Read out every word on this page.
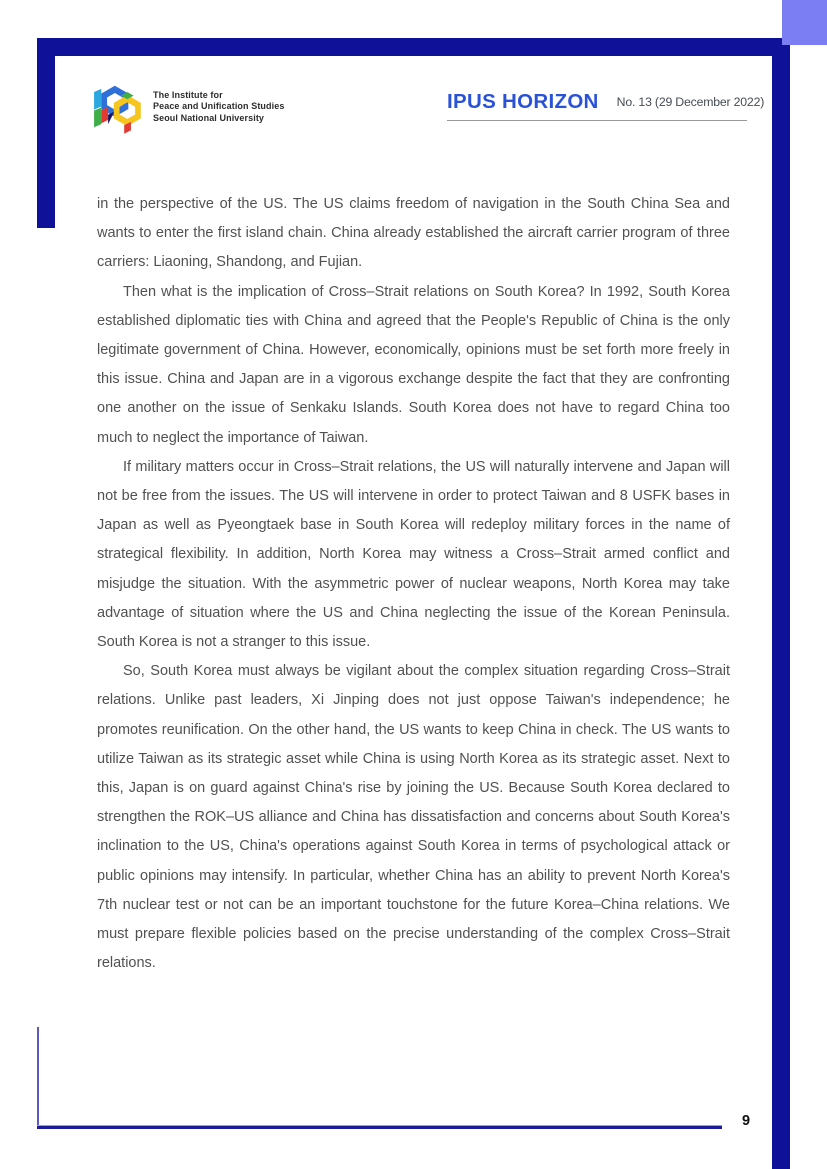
The Institute for
Peace and Unification Studies
Seoul National University
IPUS HORIZON No. 13 (29 December 2022)

in the perspective of the US. The US claims freedom of navigation in the South China Sea and wants to enter the first island chain. China already established the aircraft carrier program of three carriers: Liaoning, Shandong, and Fujian.

Then what is the implication of Cross–Strait relations on South Korea? In 1992, South Korea established diplomatic ties with China and agreed that the People's Republic of China is the only legitimate government of China. However, economically, opinions must be set forth more freely in this issue. China and Japan are in a vigorous exchange despite the fact that they are confronting one another on the issue of Senkaku Islands. South Korea does not have to regard China too much to neglect the importance of Taiwan.

If military matters occur in Cross–Strait relations, the US will naturally intervene and Japan will not be free from the issues. The US will intervene in order to protect Taiwan and 8 USFK bases in Japan as well as Pyeongtaek base in South Korea will redeploy military forces in the name of strategical flexibility. In addition, North Korea may witness a Cross–Strait armed conflict and misjudge the situation. With the asymmetric power of nuclear weapons, North Korea may take advantage of situation where the US and China neglecting the issue of the Korean Peninsula. South Korea is not a stranger to this issue.

So, South Korea must always be vigilant about the complex situation regarding Cross–Strait relations. Unlike past leaders, Xi Jinping does not just oppose Taiwan's independence; he promotes reunification. On the other hand, the US wants to keep China in check. The US wants to utilize Taiwan as its strategic asset while China is using North Korea as its strategic asset. Next to this, Japan is on guard against China's rise by joining the US. Because South Korea declared to strengthen the ROK–US alliance and China has dissatisfaction and concerns about South Korea's inclination to the US, China's operations against South Korea in terms of psychological attack or public opinions may intensify. In particular, whether China has an ability to prevent North Korea's 7th nuclear test or not can be an important touchstone for the future Korea–China relations. We must prepare flexible policies based on the precise understanding of the complex Cross–Strait relations.

9
